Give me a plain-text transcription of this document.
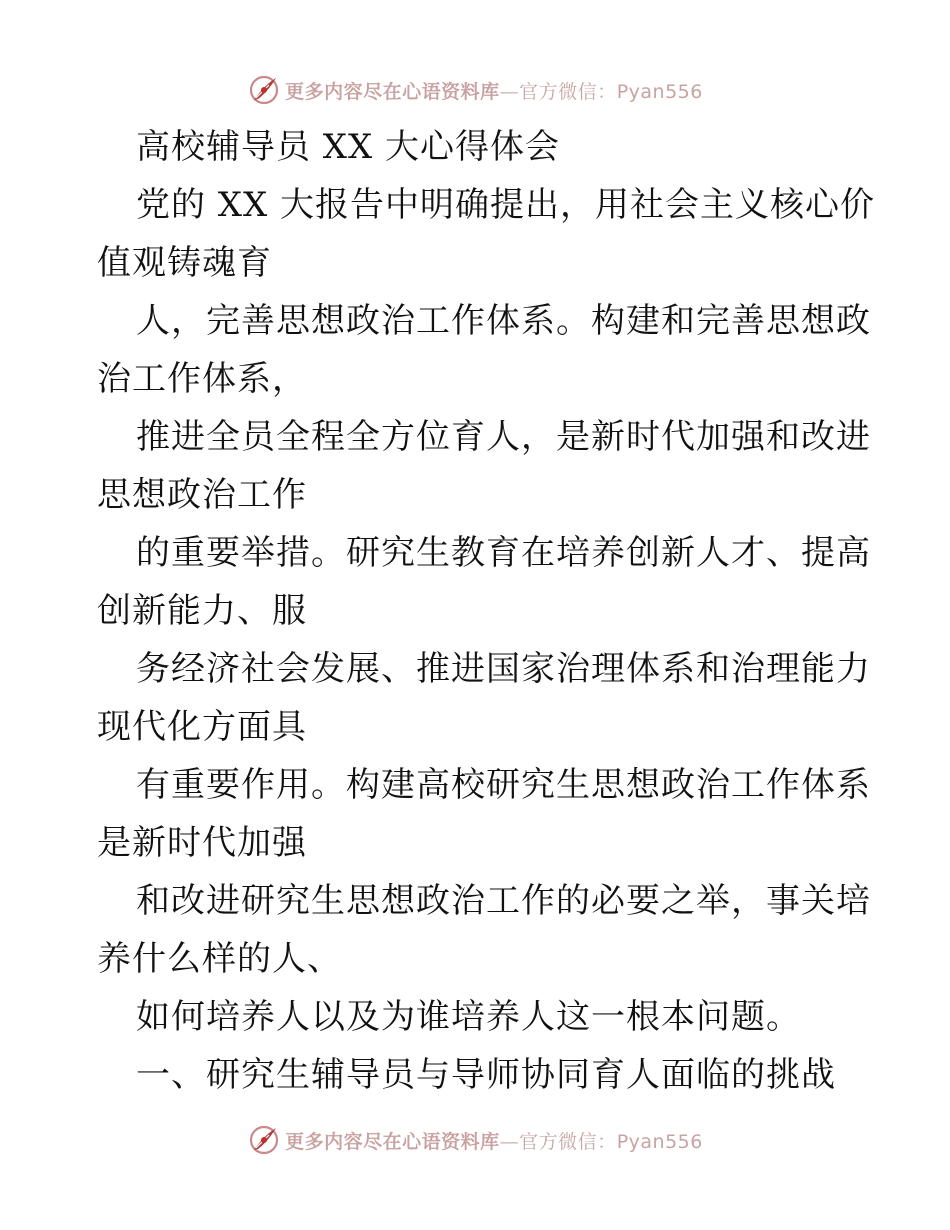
更多内容尽在心语资料库—官方微信：Pyan556
高校辅导员 XX 大心得体会
党的 XX 大报告中明确提出，用社会主义核心价
值观铸魂育
人，完善思想政治工作体系。构建和完善思想政
治工作体系，
推进全员全程全方位育人，是新时代加强和改进
思想政治工作
的重要举措。研究生教育在培养创新人才、提高
创新能力、服
务经济社会发展、推进国家治理体系和治理能力
现代化方面具
有重要作用。构建高校研究生思想政治工作体系
是新时代加强
和改进研究生思想政治工作的必要之举，事关培
养什么样的人、
如何培养人以及为谁培养人这一根本问题。
一、研究生辅导员与导师协同育人面临的挑战
更多内容尽在心语资料库—官方微信：Pyan556
